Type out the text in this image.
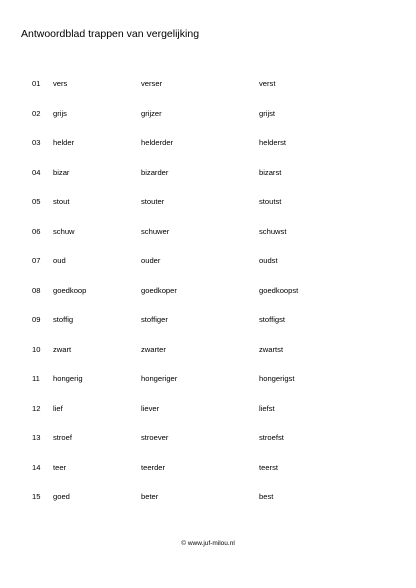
Antwoordblad trappen van vergelijking
01 vers	verser	verst
02 grijs	grijzer	grijst
03 helder	helderder	helderst
04 bizar	bizarder	bizarst
05 stout	stouter	stoutst
06 schuw	schuwer	schuwst
07 oud	ouder	oudst
08 goedkoop	goedkoper	goedkoopst
09 stoffig	stoffiger	stoffigst
10 zwart	zwarter	zwartst
11 hongerig	hongeriger	hongerigst
12 lief	liever	liefst
13 stroef	stroever	stroefst
14 teer	teerder	teerst
15 goed	beter	best
© www.juf-milou.nl
